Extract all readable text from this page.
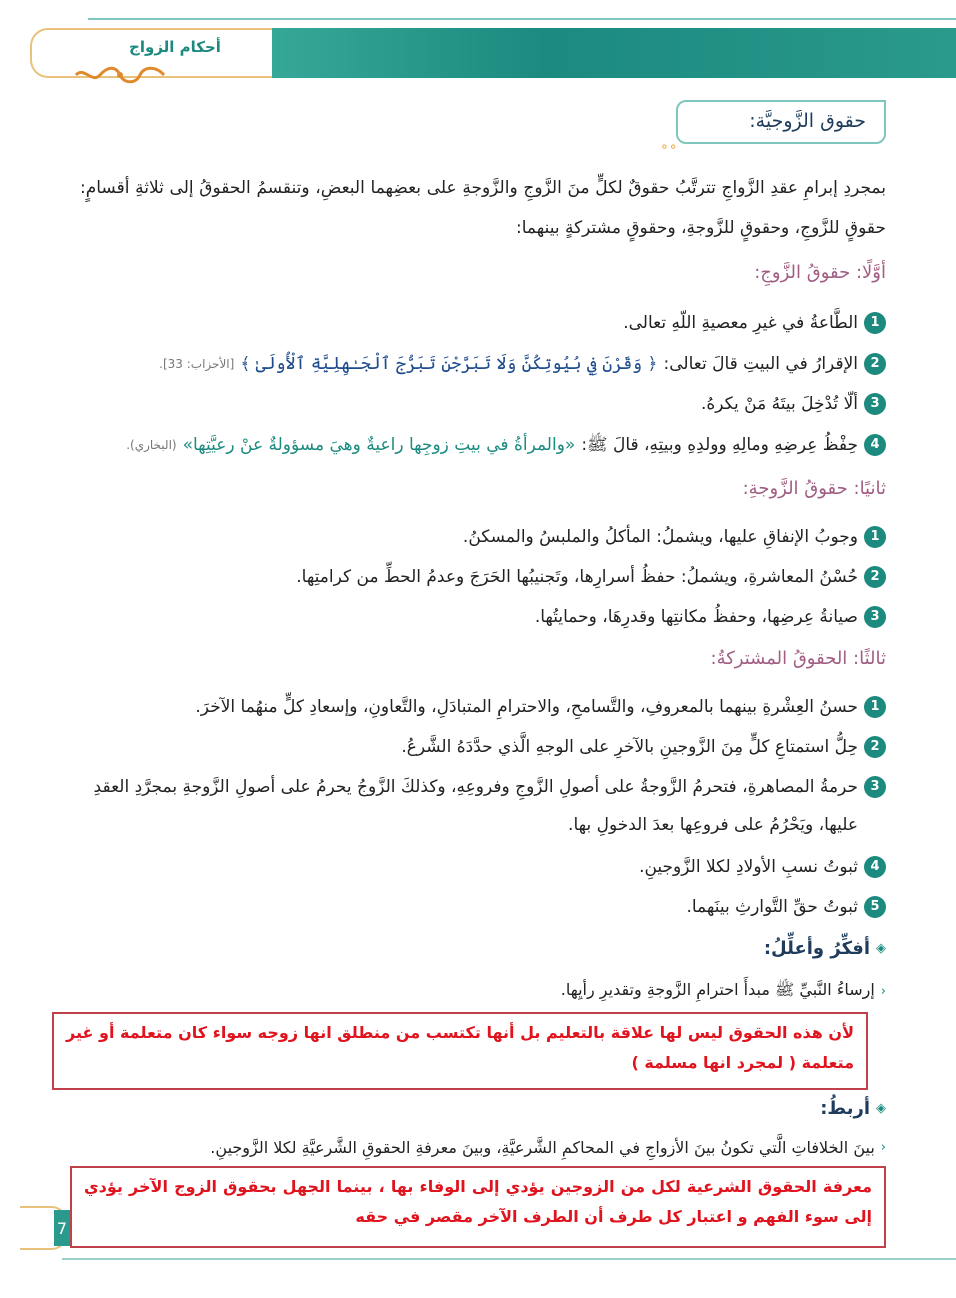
أحكام الزواج
حقوق الزَّوجيَّة:
∘∘
بمجردِ إبرامِ عقدِ الزَّواجِ تترتَّبُ حقوقٌ لكلٍّ منَ الزَّوجِ والزَّوجةِ على بعضِهما البعضِ، وتنقسمُ الحقوقُ إلى ثلاثةِ أقسامٍ: حقوقٍ للزَّوجِ، وحقوقٍ للزَّوجةِ، وحقوقٍ مشتركةٍ بينهما:
أوَّلًا: حقوقُ الزَّوجِ:
1
الطَّاعةُ في غيرِ معصيةِ اللّهِ تعالى.
2
الإقرارُ في البيتِ قالَ تعالى:
﴿ وَقَرْنَ فِي بُيُوتِكُنَّ وَلَا تَبَرَّجْنَ تَبَرُّجَ ٱلْجَـٰهِلِيَّةِ ٱلْأُولَىٰ ﴾
[الأحزاب: 33].
3
ألّا تُدْخِلَ بيتَهُ مَنْ يكرهُ.
4
حِفْظُ عِرضِهِ ومالِهِ وولدِهِ وبيتِهِ، قالَ ﷺ:
«والمرأةُ في بيتِ زوجِها راعيةٌ وهيَ مسؤولةٌ عنْ رعيَّتِها»
(البخاري).
ثانيًا: حقوقُ الزَّوجةِ:
1
وجوبُ الإنفاقِ عليها، ويشملُ: المأكلُ والملبسُ والمسكنُ.
2
حُسْنُ المعاشرةِ، ويشملُ: حفظُ أسرارِها، وتَجنيبُها الحَرَجَ وعدمُ الحطِّ من كرامتِها.
3
صيانةُ عِرضِها، وحفظُ مكانتِها وقدرِهَا، وحمايتُها.
ثالثًا: الحقوقُ المشتركةُ:
1
حسنُ العِشْرةِ بينهما بالمعروفِ، والتَّسامحِ، والاحترامِ المتبادَلِ، والتَّعاونِ، وإسعادِ كلٍّ منهُما الآخرَ.
2
حِلُّ استمتاعِ كلٍّ مِنَ الزَّوجينِ بالآخرِ على الوجهِ الَّذي حدَّدَهُ الشَّرعُ.
3
حرمةُ المصاهرةِ، فتحرمُ الزَّوجةُ على أصولِ الزَّوجِ وفروعِهِ، وكذلكَ الزَّوجُ يحرمُ على أصولِ الزَّوجةِ بمجرَّدِ العقدِ عليها، ويَحْرُمُ على فروعِها بعدَ الدخولِ بها.
4
ثبوتُ نسبِ الأولادِ لكلا الزَّوجينِ.
5
ثبوتُ حقِّ التَّوارثِ بينَهما.
◈
أفكِّرُ وأعلِّلُ:
‹
إرساءُ النَّبيِّ ﷺ مبدأَ احترامِ الزَّوجةِ وتقديرِ رأيِها.
لأن هذه الحقوق ليس لها علاقة بالتعليم بل أنها تكتسب من منطلق انها زوجه سواء كان متعلمة أو غير متعلمة ( لمجرد انها مسلمة )
◈
أربطُ:
‹
بينَ الخلافاتِ الَّتي تكونُ بينَ الأزواجِ في المحاكمِ الشَّرعيَّةِ، وبينَ معرفةِ الحقوقِ الشَّرعيَّةِ لكلا الزَّوجينِ.
معرفة الحقوق الشرعية لكل من الزوجين يؤدي إلى الوفاء بها ، بينما الجهل بحقوق الزوج الآخر يؤدي إلى سوء الفهم و اعتبار كل طرف أن الطرف الآخر مقصر في حقه
7
